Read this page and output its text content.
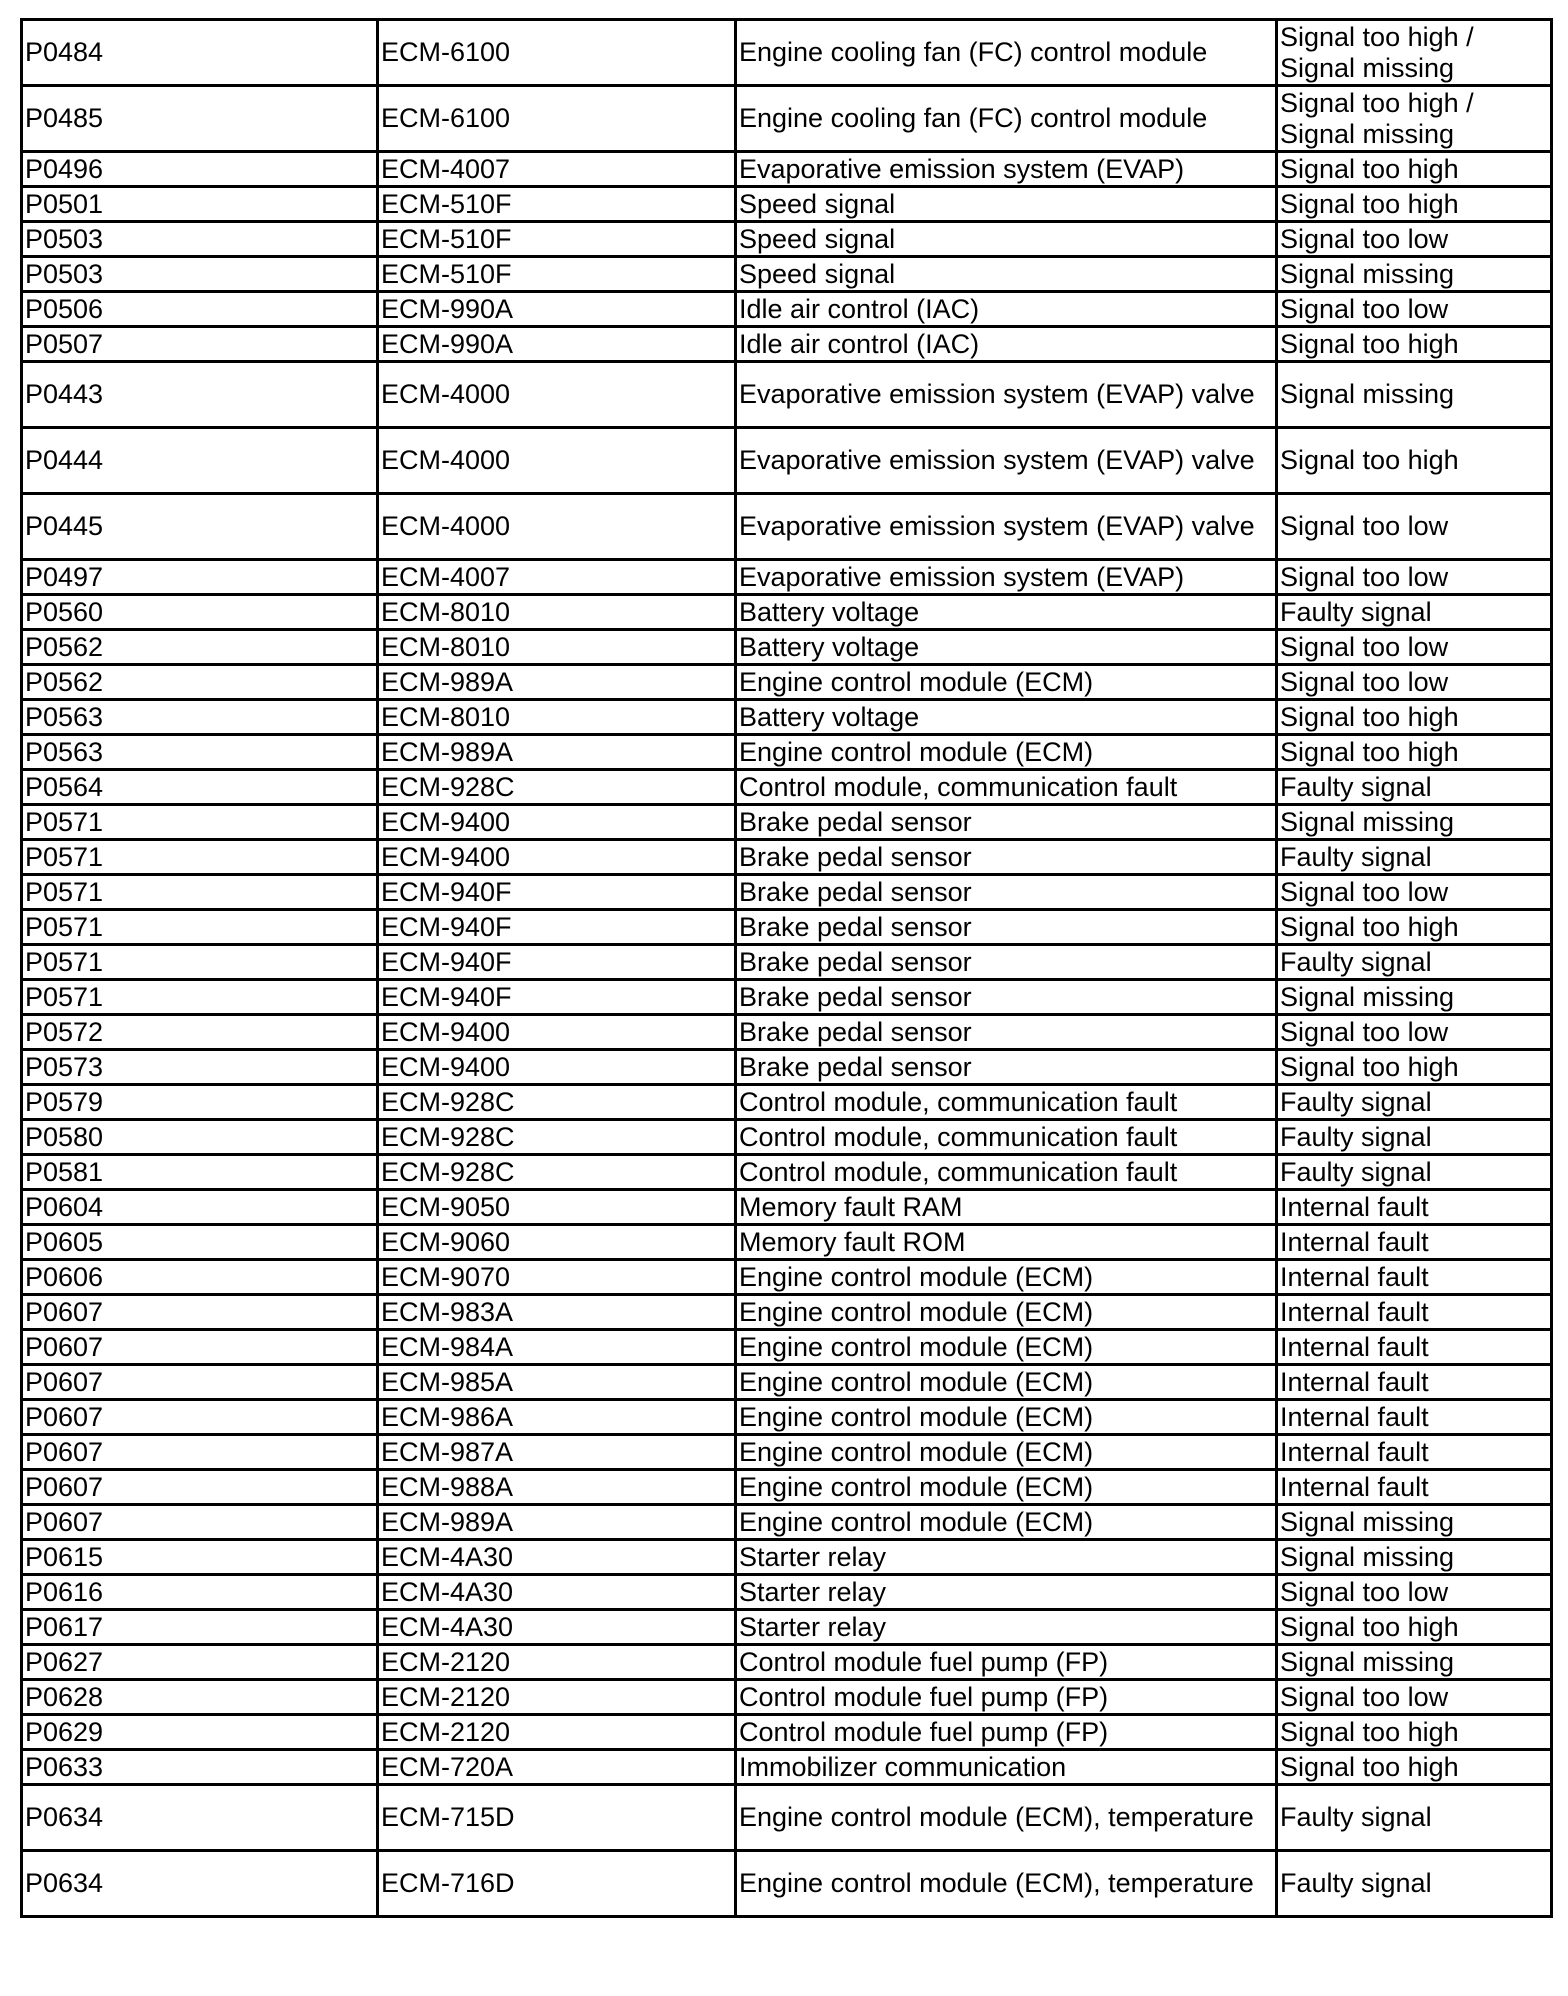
P0484	ECM-6100	Engine cooling fan (FC) control module	Signal too high / Signal missing
P0485	ECM-6100	Engine cooling fan (FC) control module	Signal too high / Signal missing
P0496	ECM-4007	Evaporative emission system (EVAP)	Signal too high
P0501	ECM-510F	Speed signal	Signal too high
P0503	ECM-510F	Speed signal	Signal too low
P0503	ECM-510F	Speed signal	Signal missing
P0506	ECM-990A	Idle air control (IAC)	Signal too low
P0507	ECM-990A	Idle air control (IAC)	Signal too high
P0443	ECM-4000	Evaporative emission system (EVAP) valve	Signal missing
P0444	ECM-4000	Evaporative emission system (EVAP) valve	Signal too high
P0445	ECM-4000	Evaporative emission system (EVAP) valve	Signal too low
P0497	ECM-4007	Evaporative emission system (EVAP)	Signal too low
P0560	ECM-8010	Battery voltage	Faulty signal
P0562	ECM-8010	Battery voltage	Signal too low
P0562	ECM-989A	Engine control module (ECM)	Signal too low
P0563	ECM-8010	Battery voltage	Signal too high
P0563	ECM-989A	Engine control module (ECM)	Signal too high
P0564	ECM-928C	Control module, communication fault	Faulty signal
P0571	ECM-9400	Brake pedal sensor	Signal missing
P0571	ECM-9400	Brake pedal sensor	Faulty signal
P0571	ECM-940F	Brake pedal sensor	Signal too low
P0571	ECM-940F	Brake pedal sensor	Signal too high
P0571	ECM-940F	Brake pedal sensor	Faulty signal
P0571	ECM-940F	Brake pedal sensor	Signal missing
P0572	ECM-9400	Brake pedal sensor	Signal too low
P0573	ECM-9400	Brake pedal sensor	Signal too high
P0579	ECM-928C	Control module, communication fault	Faulty signal
P0580	ECM-928C	Control module, communication fault	Faulty signal
P0581	ECM-928C	Control module, communication fault	Faulty signal
P0604	ECM-9050	Memory fault RAM	Internal fault
P0605	ECM-9060	Memory fault ROM	Internal fault
P0606	ECM-9070	Engine control module (ECM)	Internal fault
P0607	ECM-983A	Engine control module (ECM)	Internal fault
P0607	ECM-984A	Engine control module (ECM)	Internal fault
P0607	ECM-985A	Engine control module (ECM)	Internal fault
P0607	ECM-986A	Engine control module (ECM)	Internal fault
P0607	ECM-987A	Engine control module (ECM)	Internal fault
P0607	ECM-988A	Engine control module (ECM)	Internal fault
P0607	ECM-989A	Engine control module (ECM)	Signal missing
P0615	ECM-4A30	Starter relay	Signal missing
P0616	ECM-4A30	Starter relay	Signal too low
P0617	ECM-4A30	Starter relay	Signal too high
P0627	ECM-2120	Control module fuel pump (FP)	Signal missing
P0628	ECM-2120	Control module fuel pump (FP)	Signal too low
P0629	ECM-2120	Control module fuel pump (FP)	Signal too high
P0633	ECM-720A	Immobilizer communication	Signal too high
P0634	ECM-715D	Engine control module (ECM), temperature	Faulty signal
P0634	ECM-716D	Engine control module (ECM), temperature	Faulty signal
